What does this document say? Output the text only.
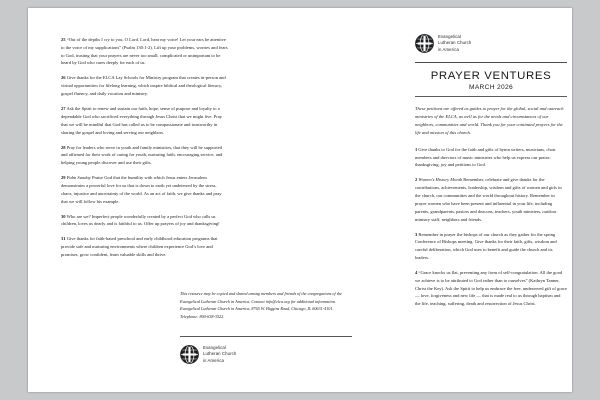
25 “Out of the depths I cry to you, O Lord. Lord, hear my voice! Let your ears be attentive to the voice of my supplications” (Psalm 130:1-2). Lift up your problems, worries and fears to God, trusting that your prayers are never too small, complicated or unimportant to be heard by God who cares deeply for each of us.

26 Give thanks for the ELCA Lay Schools for Ministry program that creates in-person and virtual opportunities for lifelong learning, which inspire biblical and theological literacy, gospel fluency, and daily vocation and ministry.

27 Ask the Spirit to renew and sustain our faith, hope, sense of purpose and loyalty to a dependable God who sacrificed everything through Jesus Christ that we might live. Pray that we will be mindful that God has called us to be compassionate and trustworthy in sharing the gospel and loving and serving our neighbors.

28 Pray for leaders who serve in youth and family ministries, that they will be supported and affirmed for their work of caring for youth, nurturing faith, encouraging service, and helping young people discover and use their gifts.

29 Palm Sunday Praise God that the humility with which Jesus enters Jerusalem demonstrates a powerful love for us that is down to earth yet undeterred by the stress, chaos, injustice and uncertainty of the world. As an act of faith, we give thanks and pray that we will follow his example.

30 Who are we? Imperfect people wonderfully created by a perfect God who calls us children, loves us dearly and is faithful to us. Offer up prayers of joy and thanksgiving!

31 Give thanks for faith-based preschool and early childhood education programs that provide safe and nurturing environments where children experience God’s love and promises, grow confident, learn valuable skills and thrive.

This resource may be copied and shared among members and friends of the congregations of the Evangelical Lutheran Church in America. Contact info@elca.org for additional information. Evangelical Lutheran Church in America, 8765 W. Higgins Road, Chicago, IL 60631-4101. Telephone: 800-638-3522.

Evangelical
Lutheran Church
in America
Evangelical
Lutheran Church
in America
PRAYER VENTURES
MARCH 2026

These petitions are offered as guides to prayer for the global, social and outreach ministries of the ELCA, as well as for the needs and circumstances of our neighbors, communities and world. Thank you for your continued prayers for the life and mission of this church.

1 Give thanks to God for the faith and gifts of hymn writers, musicians, choir members and directors of music ministries who help us express our praise, thanksgiving, joy and petitions to God.

2 Women’s History Month Remember, celebrate and give thanks for the contributions, achievements, leadership, wisdom and gifts of women and girls in the church, our communities and the world throughout history. Remember in prayer women who have been present and influential in your life, including parents, grandparents, pastors and deacons, teachers, youth ministers, outdoor ministry staff, neighbors and friends.

3 Remember in prayer the bishops of our church as they gather for the spring Conference of Bishops meeting. Give thanks for their faith, gifts, wisdom and careful deliberation, which God uses to benefit and guide the church and its leaders.

4 “Grace knocks us flat, preventing any form of self-congratulation. All the good we achieve is to be attributed to God rather than to ourselves” (Kathryn Tanner, Christ the Key). Ask the Spirit to help us embrace the free, undeserved gift of grace — love, forgiveness and new life — that is made real to us through baptism and the life, teaching, suffering, death and resurrection of Jesus Christ.
